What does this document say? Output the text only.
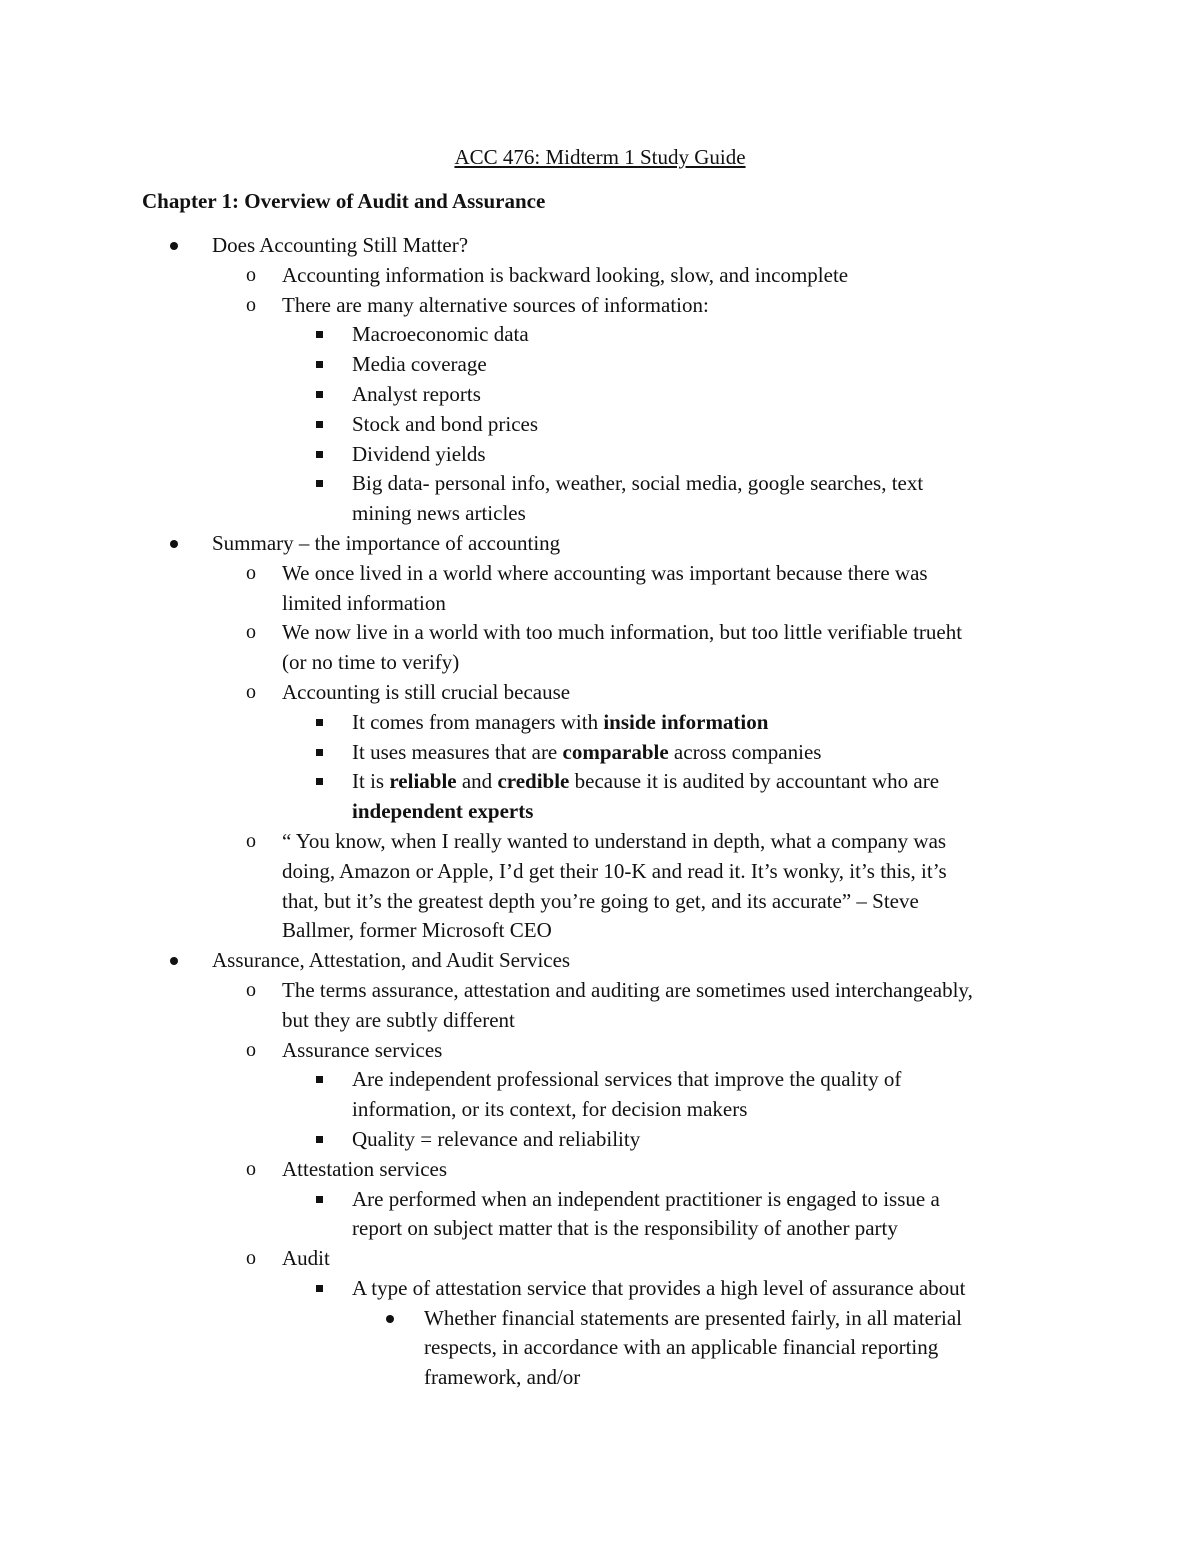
ACC 476: Midterm 1 Study Guide
Chapter 1: Overview of Audit and Assurance
Does Accounting Still Matter?
o Accounting information is backward looking, slow, and incomplete
o There are many alternative sources of information:
Macroeconomic data
Media coverage
Analyst reports
Stock and bond prices
Dividend yields
Big data- personal info, weather, social media, google searches, text
mining news articles
Summary – the importance of accounting
o We once lived in a world where accounting was important because there was
limited information
o We now live in a world with too much information, but too little verifiable trueht
(or no time to verify)
o Accounting is still crucial because
It comes from managers with inside information
It uses measures that are comparable across companies
It is reliable and credible because it is audited by accountant who are
independent experts
o “ You know, when I really wanted to understand in depth, what a company was
doing, Amazon or Apple, I’d get their 10-K and read it. It’s wonky, it’s this, it’s
that, but it’s the greatest depth you’re going to get, and its accurate” – Steve
Ballmer, former Microsoft CEO
Assurance, Attestation, and Audit Services
o The terms assurance, attestation and auditing are sometimes used interchangeably,
but they are subtly different
o Assurance services
Are independent professional services that improve the quality of
information, or its context, for decision makers
Quality = relevance and reliability
o Attestation services
Are performed when an independent practitioner is engaged to issue a
report on subject matter that is the responsibility of another party
o Audit
A type of attestation service that provides a high level of assurance about
Whether financial statements are presented fairly, in all material
respects, in accordance with an applicable financial reporting
framework, and/or
